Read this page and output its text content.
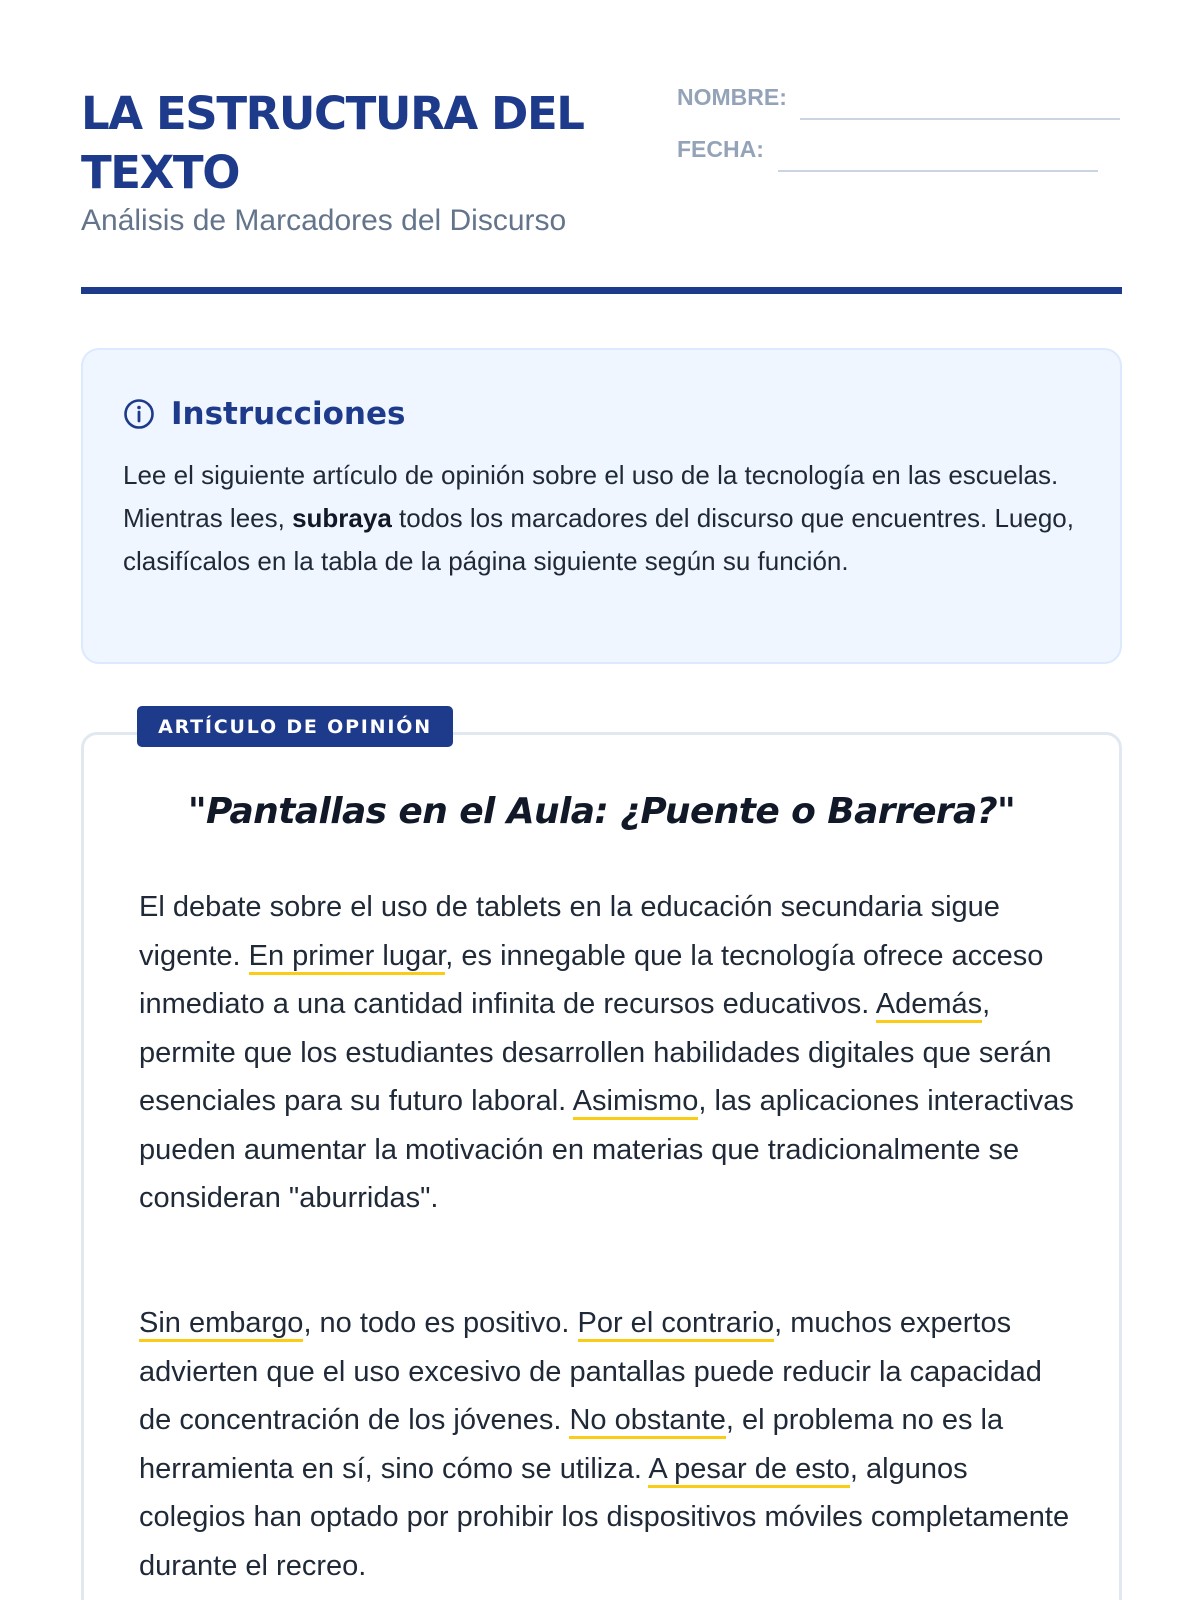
LA ESTRUCTURA DEL TEXTO
Análisis de Marcadores del Discurso
NOMBRE:
FECHA:
Instrucciones

Lee el siguiente artículo de opinión sobre el uso de la tecnología en las escuelas. Mientras lees, subraya todos los marcadores del discurso que encuentres. Luego, clasifícalos en la tabla de la página siguiente según su función.

"Pantallas en el Aula: ¿Puente o Barrera?"

El debate sobre el uso de tablets en la educación secundaria sigue vigente. En primer lugar, es innegable que la tecnología ofrece acceso inmediato a una cantidad infinita de recursos educativos. Además, permite que los estudiantes desarrollen habilidades digitales que serán esenciales para su futuro laboral. Asimismo, las aplicaciones interactivas pueden aumentar la motivación en materias que tradicionalmente se consideran "aburridas".

Sin embargo, no todo es positivo. Por el contrario, muchos expertos advierten que el uso excesivo de pantallas puede reducir la capacidad de concentración de los jóvenes. No obstante, el problema no es la herramienta en sí, sino cómo se utiliza. A pesar de esto, algunos colegios han optado por prohibir los dispositivos móviles completamente durante el recreo.

ARTÍCULO DE OPINIÓN
